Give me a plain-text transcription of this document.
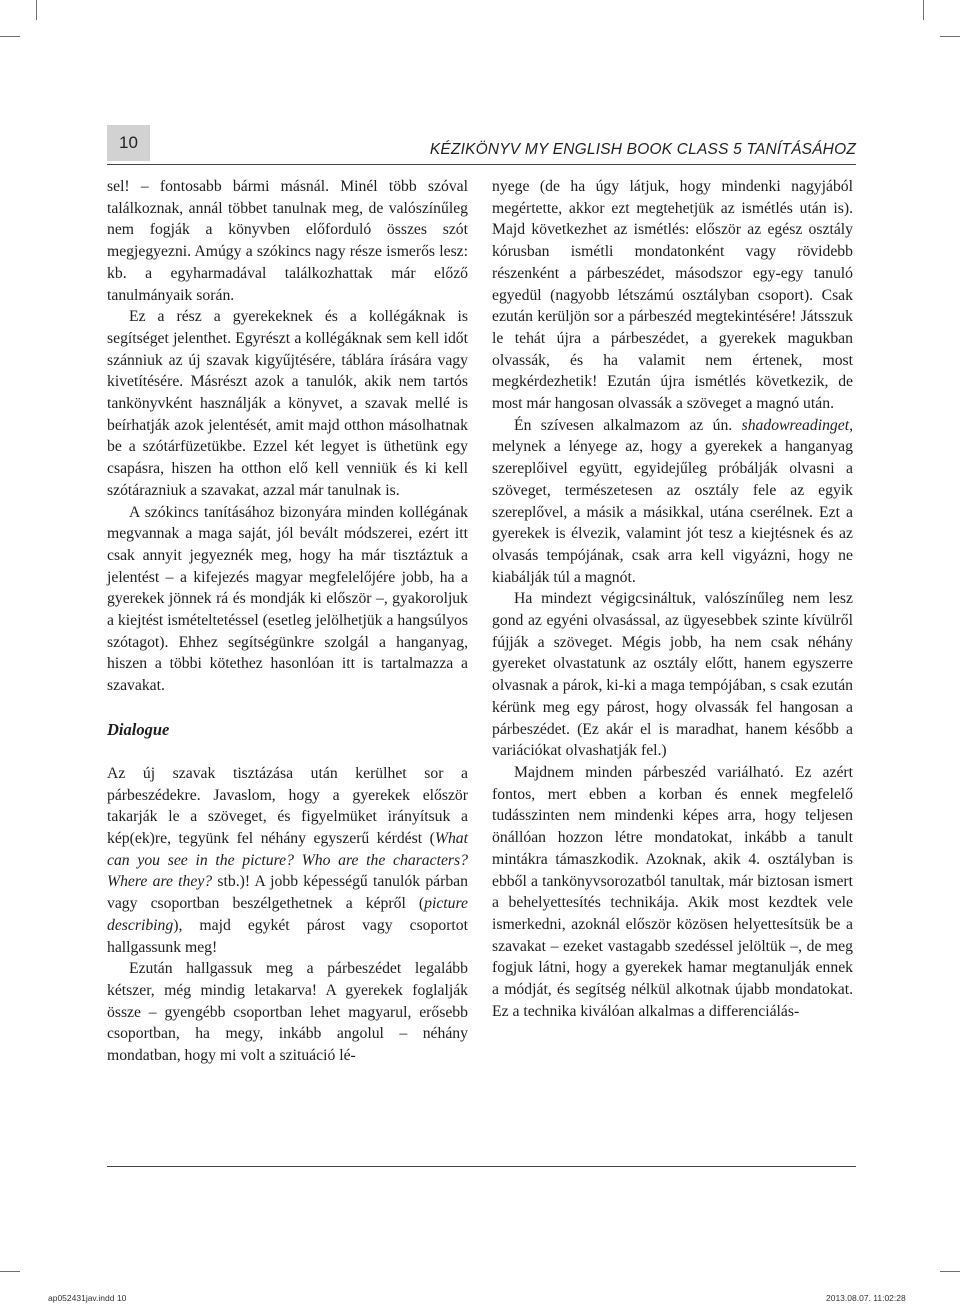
10	KÉZIKÖNYV MY ENGLISH BOOK CLASS 5 TANÍTÁSÁHOZ

sel! – fontosabb bármi másnál. Minél több szóval találkoznak, annál többet tanulnak meg, de valószínűleg nem fogják a könyvben előforduló összes szót megjegyezni. Amúgy a szókincs nagy része ismerős lesz: kb. a egyharmadával találkozhattak már előző tanulmányaik során.

Ez a rész a gyerekeknek és a kollégáknak is segítséget jelenthet. Egyrészt a kollégáknak sem kell időt szánniuk az új szavak kigyűjtésére, táblára írására vagy kivetítésére. Másrészt azok a tanulók, akik nem tartós tankönyvként használják a könyvet, a szavak mellé is beírhatják azok jelentését, amit majd otthon másolhatnak be a szótárfüzetükbe. Ezzel két legyet is üthetünk egy csapásra, hiszen ha otthon elő kell venniük és ki kell szótárazniuk a szavakat, azzal már tanulnak is.

A szókincs tanításához bizonyára minden kollégának megvannak a maga saját, jól bevált módszerei, ezért itt csak annyit jegyeznék meg, hogy ha már tisztáztuk a jelentést – a kifejezés magyar megfelelőjére jobb, ha a gyerekek jönnek rá és mondják ki először –, gyakoroljuk a kiejtést ismételtetéssel (esetleg jelölhetjük a hangsúlyos szótagot). Ehhez segítségünkre szolgál a hanganyag, hiszen a többi kötethez hasonlóan itt is tartalmazza a szavakat.

Dialogue

Az új szavak tisztázása után kerülhet sor a párbeszédekre. Javaslom, hogy a gyerekek először takarják le a szöveget, és figyelmüket irányítsuk a kép(ek)re, tegyünk fel néhány egyszerű kérdést (What can you see in the picture? Who are the characters? Where are they? stb.)! A jobb képességű tanulók párban vagy csoportban beszélgethetnek a képről (picture describing), majd egykét párost vagy csoportot hallgassunk meg!

Ezután hallgassuk meg a párbeszédet legalább kétszer, még mindig letakarva! A gyerekek foglalják össze – gyengébb csoportban lehet magyarul, erősebb csoportban, ha megy, inkább angolul – néhány mondatban, hogy mi volt a szituáció lé-

nyege (de ha úgy látjuk, hogy mindenki nagyjából megértette, akkor ezt megtehetjük az ismétlés után is). Majd következhet az ismétlés: először az egész osztály kórusban ismétli mondatonként vagy rövidebb részenként a párbeszédet, másodszor egy-egy tanuló egyedül (nagyobb létszámú osztályban csoport). Csak ezután kerüljön sor a párbeszéd megtekintésére! Játsszuk le tehát újra a párbeszédet, a gyerekek magukban olvassák, és ha valamit nem értenek, most megkérdezhetik! Ezután újra ismétlés következik, de most már hangosan olvassák a szöveget a magnó után.

Én szívesen alkalmazom az ún. shadowreadinget, melynek a lényege az, hogy a gyerekek a hanganyag szereplőivel együtt, egyidejűleg próbálják olvasni a szöveget, természetesen az osztály fele az egyik szereplővel, a másik a másikkal, utána cserélnek. Ezt a gyerekek is élvezik, valamint jót tesz a kiejtésnek és az olvasás tempójának, csak arra kell vigyázni, hogy ne kiabálják túl a magnót.

Ha mindezt végigcsináltuk, valószínűleg nem lesz gond az egyéni olvasással, az ügyesebbek szinte kívülről fújják a szöveget. Mégis jobb, ha nem csak néhány gyereket olvastatunk az osztály előtt, hanem egyszerre olvasnak a párok, ki-ki a maga tempójában, s csak ezután kérünk meg egy párost, hogy olvassák fel hangosan a párbeszédet. (Ez akár el is maradhat, hanem később a variációkat olvashatják fel.)

Majdnem minden párbeszéd variálható. Ez azért fontos, mert ebben a korban és ennek megfelelő tudásszinten nem mindenki képes arra, hogy teljesen önállóan hozzon létre mondatokat, inkább a tanult mintákra támaszkodik. Azoknak, akik 4. osztályban is ebből a tankönyvsorozatból tanultak, már biztosan ismert a behelyettesítés technikája. Akik most kezdtek vele ismerkedni, azoknál először közösen helyettesítsük be a szavakat – ezeket vastagabb szedéssel jelöltük –, de meg fogjuk látni, hogy a gyerekek hamar megtanulják ennek a módját, és segítség nélkül alkotnak újabb mondatokat. Ez a technika kiválóan alkalmas a differenciálás-

ap052431jav.indd 10	2013.08.07. 11:02:28
